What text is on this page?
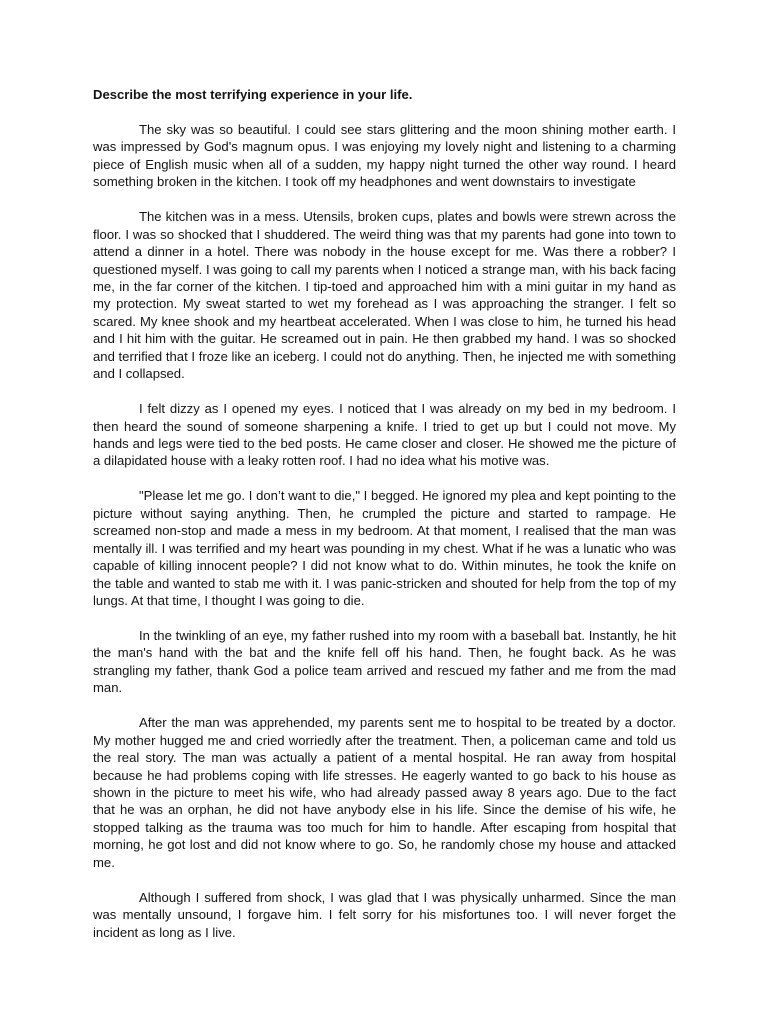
Describe the most terrifying experience in your life.

The sky was so beautiful. I could see stars glittering and the moon shining mother earth. I was impressed by God's magnum opus. I was enjoying my lovely night and listening to a charming piece of English music when all of a sudden, my happy night turned the other way round. I heard something broken in the kitchen. I took off my headphones and went downstairs to investigate

The kitchen was in a mess. Utensils, broken cups, plates and bowls were strewn across the floor. I was so shocked that I shuddered. The weird thing was that my parents had gone into town to attend a dinner in a hotel. There was nobody in the house except for me. Was there a robber? I questioned myself. I was going to call my parents when I noticed a strange man, with his back facing me, in the far corner of the kitchen. I tip-toed and approached him with a mini guitar in my hand as my protection. My sweat started to wet my forehead as I was approaching the stranger. I felt so scared. My knee shook and my heartbeat accelerated. When I was close to him, he turned his head and I hit him with the guitar. He screamed out in pain. He then grabbed my hand. I was so shocked and terrified that I froze like an iceberg. I could not do anything. Then, he injected me with something and I collapsed.

I felt dizzy as I opened my eyes. I noticed that I was already on my bed in my bedroom. I then heard the sound of someone sharpening a knife. I tried to get up but I could not move. My hands and legs were tied to the bed posts. He came closer and closer. He showed me the picture of a dilapidated house with a leaky rotten roof. I had no idea what his motive was.

"Please let me go. I don’t want to die," I begged. He ignored my plea and kept pointing to the picture without saying anything. Then, he crumpled the picture and started to rampage. He screamed non-stop and made a mess in my bedroom. At that moment, I realised that the man was mentally ill. I was terrified and my heart was pounding in my chest. What if he was a lunatic who was capable of killing innocent people? I did not know what to do. Within minutes, he took the knife on the table and wanted to stab me with it. I was panic-stricken and shouted for help from the top of my lungs. At that time, I thought I was going to die.

In the twinkling of an eye, my father rushed into my room with a baseball bat. Instantly, he hit the man's hand with the bat and the knife fell off his hand. Then, he fought back. As he was strangling my father, thank God a police team arrived and rescued my father and me from the mad man.

After the man was apprehended, my parents sent me to hospital to be treated by a doctor. My mother hugged me and cried worriedly after the treatment. Then, a policeman came and told us the real story. The man was actually a patient of a mental hospital. He ran away from hospital because he had problems coping with life stresses. He eagerly wanted to go back to his house as shown in the picture to meet his wife, who had already passed away 8 years ago. Due to the fact that he was an orphan, he did not have anybody else in his life. Since the demise of his wife, he stopped talking as the trauma was too much for him to handle. After escaping from hospital that morning, he got lost and did not know where to go. So, he randomly chose my house and attacked me.

Although I suffered from shock, I was glad that I was physically unharmed. Since the man was mentally unsound, I forgave him. I felt sorry for his misfortunes too. I will never forget the incident as long as I live.
